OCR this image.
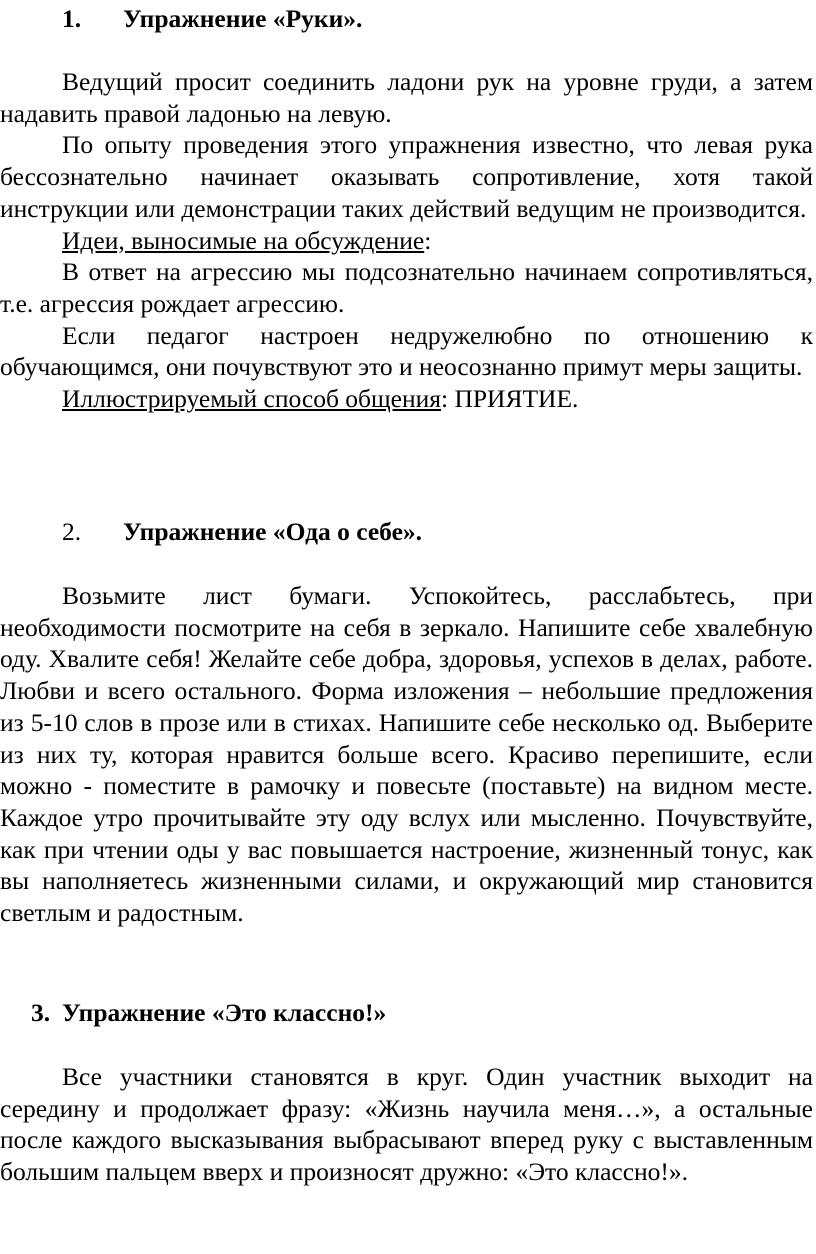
1. Упражнение «Руки».

Ведущий просит соединить ладони рук на уровне груди, а затем надавить правой ладонью на левую.

По опыту проведения этого упражнения известно, что левая рука бессознательно начинает оказывать сопротивление, хотя такой инструкции или демонстрации таких действий ведущим не производится.

Идеи, выносимые на обсуждение:

В ответ на агрессию мы подсознательно начинаем сопротивляться, т.е. агрессия рождает агрессию.

Если педагог настроен недружелюбно по отношению к обучающимся, они почувствуют это и неосознанно примут меры защиты.

Иллюстрируемый способ общения: ПРИЯТИЕ.

2. Упражнение «Ода о себе».

Возьмите лист бумаги. Успокойтесь, расслабьтесь, при необходимости посмотрите на себя в зеркало. Напишите себе хвалебную оду. Хвалите себя! Желайте себе добра, здоровья, успехов в делах, работе. Любви и всего остального. Форма изложения – небольшие предложения из 5-10 слов в прозе или в стихах. Напишите себе несколько од. Выберите из них ту, которая нравится больше всего. Красиво перепишите, если можно - поместите в рамочку и повесьте (поставьте) на видном месте. Каждое утро прочитывайте эту оду вслух или мысленно. Почувствуйте, как при чтении оды у вас повышается настроение, жизненный тонус, как вы наполняетесь жизненными силами, и окружающий мир становится светлым и радостным.

3. Упражнение «Это классно!»

Все участники становятся в круг. Один участник выходит на середину и продолжает фразу: «Жизнь научила меня…», а остальные после каждого высказывания выбрасывают вперед руку с выставленным большим пальцем вверх и произносят дружно: «Это классно!».
